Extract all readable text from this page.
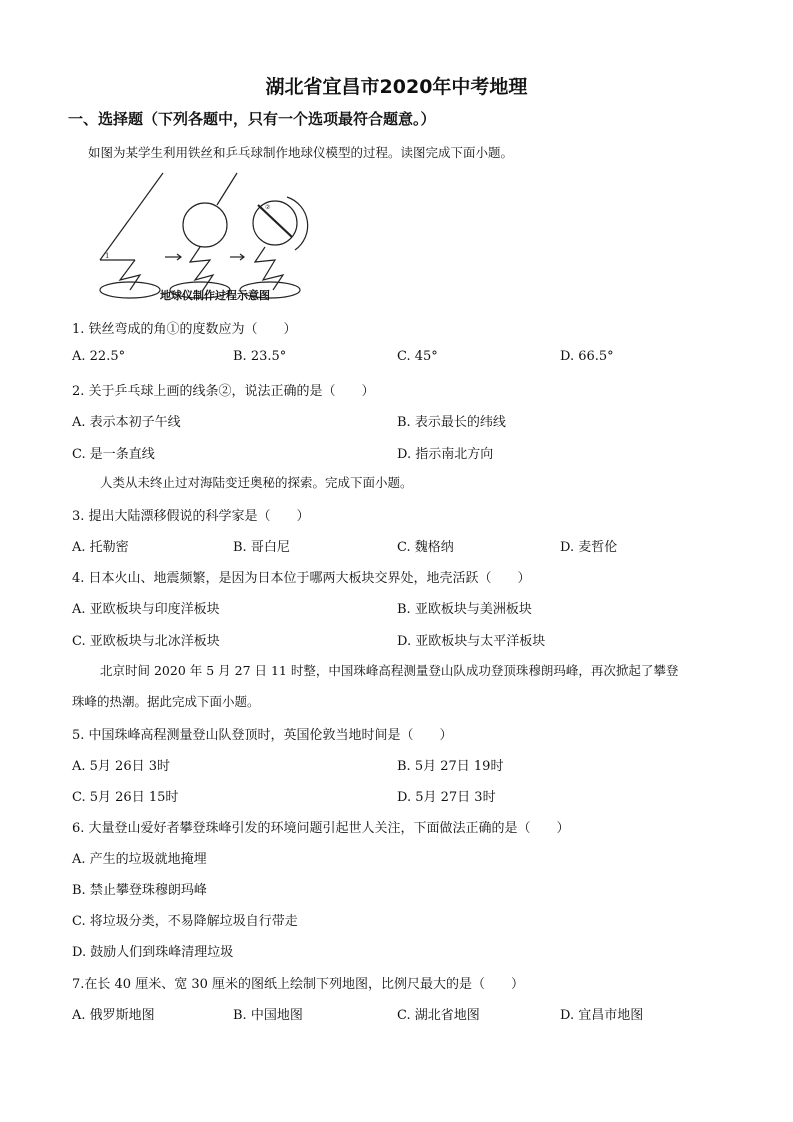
湖北省宜昌市2020年中考地理
一、选择题（下列各题中，只有一个选项最符合题意。）
如图为某学生利用铁丝和乒乓球制作地球仪模型的过程。读图完成下面小题。
1
②
地球仪制作过程示意图
1. 铁丝弯成的角①的度数应为（　　）
A. 22.5°	B. 23.5°	C. 45°	D. 66.5°
2. 关于乒乓球上画的线条②，说法正确的是（　　）
A. 表示本初子午线	B. 表示最长的纬线
C. 是一条直线	D. 指示南北方向
人类从未终止过对海陆变迁奥秘的探索。完成下面小题。
3. 提出大陆漂移假说的科学家是（　　）
A. 托勒密	B. 哥白尼	C. 魏格纳	D. 麦哲伦
4. 日本火山、地震频繁，是因为日本位于哪两大板块交界处，地壳活跃（　　）
A. 亚欧板块与印度洋板块	B. 亚欧板块与美洲板块
C. 亚欧板块与北冰洋板块	D. 亚欧板块与太平洋板块
北京时间 2020 年 5 月 27 日 11 时整，中国珠峰高程测量登山队成功登顶珠穆朗玛峰，再次掀起了攀登
珠峰的热潮。据此完成下面小题。
5. 中国珠峰高程测量登山队登顶时，英国伦敦当地时间是（　　）
A. 5月 26日 3时	B. 5月 27日 19时
C. 5月 26日 15时	D. 5月 27日 3时
6. 大量登山爱好者攀登珠峰引发的环境问题引起世人关注，下面做法正确的是（　　）
A. 产生的垃圾就地掩埋
B. 禁止攀登珠穆朗玛峰
C. 将垃圾分类，不易降解垃圾自行带走
D. 鼓励人们到珠峰清理垃圾
7.在长 40 厘米、宽 30 厘米的图纸上绘制下列地图，比例尺最大的是（　　）
A. 俄罗斯地图	B. 中国地图	C. 湖北省地图	D. 宜昌市地图
